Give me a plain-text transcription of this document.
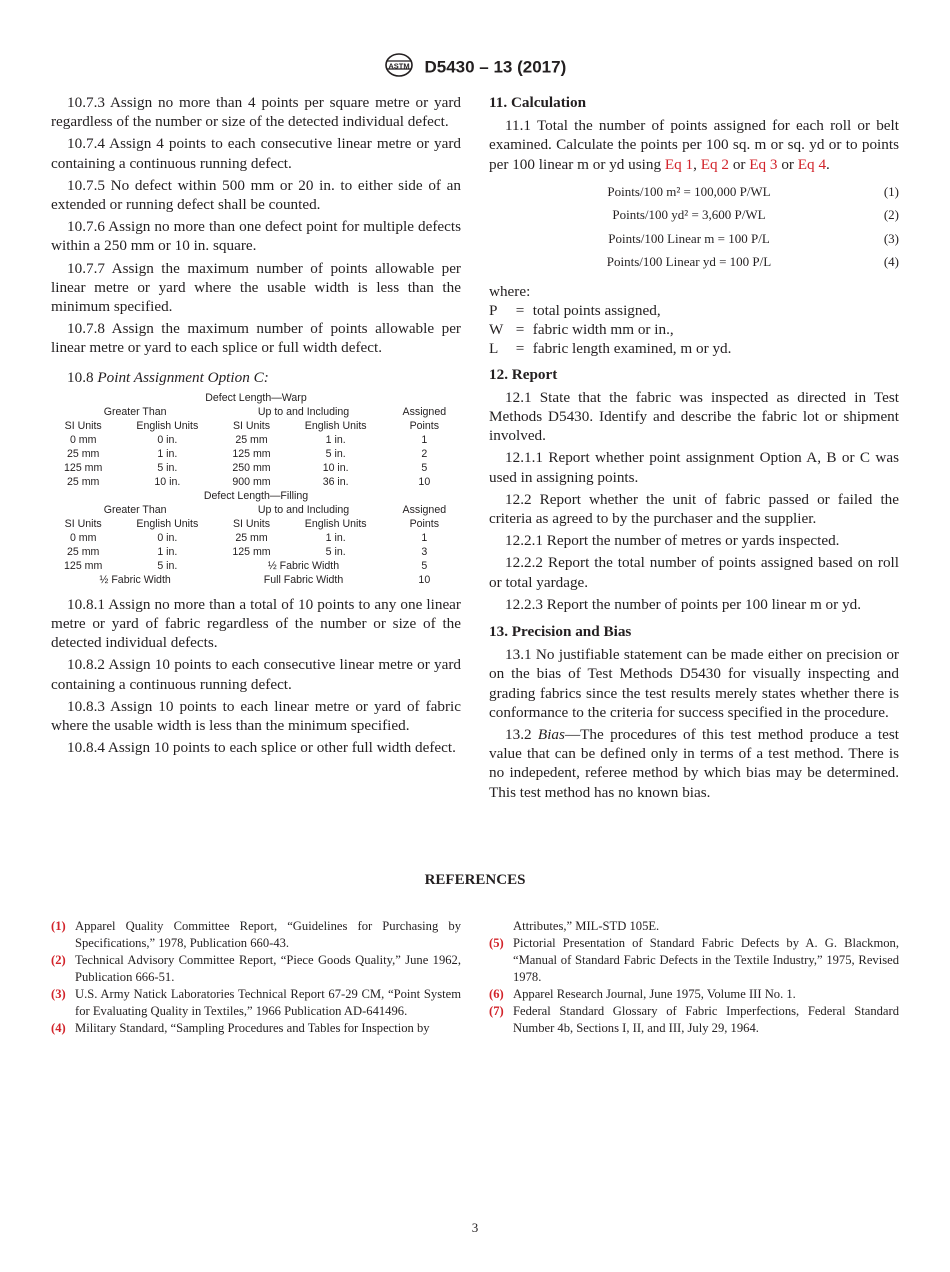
ASTM D5430 – 13 (2017)

10.7.3 Assign no more than 4 points per square metre or yard regardless of the number or size of the detected individual defect.

10.7.4 Assign 4 points to each consecutive linear metre or yard containing a continuous running defect.

10.7.5 No defect within 500 mm or 20 in. to either side of an extended or running defect shall be counted.

10.7.6 Assign no more than one defect point for multiple defects within a 250 mm or 10 in. square.

10.7.7 Assign the maximum number of points allowable per linear metre or yard where the usable width is less than the minimum specified.

10.7.8 Assign the maximum number of points allowable per linear metre or yard to each splice or full width defect.

10.8 Point Assignment Option C:

Defect Length—Warp				
Greater Than		Up to and Including		Assigned
SI Units	English Units	SI Units	English Units	Points
0 mm	0 in.	25 mm	1 in.	1
25 mm	1 in.	125 mm	5 in.	2
125 mm	5 in.	250 mm	10 in.	5
25 mm	10 in.	900 mm	36 in.	10
Defect Length—Filling				
Greater Than		Up to and Including		Assigned
SI Units	English Units	SI Units	English Units	Points
0 mm	0 in.	25 mm	1 in.	1
25 mm	1 in.	125 mm	5 in.	3
125 mm	5 in.	½ Fabric Width		5
½ Fabric Width		Full Fabric Width		10

10.8.1 Assign no more than a total of 10 points to any one linear metre or yard of fabric regardless of the number or size of the detected individual defects.

10.8.2 Assign 10 points to each consecutive linear metre or yard containing a continuous running defect.

10.8.3 Assign 10 points to each linear metre or yard of fabric where the usable width is less than the minimum specified.

10.8.4 Assign 10 points to each splice or other full width defect.

11. Calculation

11.1 Total the number of points assigned for each roll or belt examined. Calculate the points per 100 sq. m or sq. yd or to points per 100 linear m or yd using Eq 1, Eq 2 or Eq 3 or Eq 4.

Points/100 m² = 100,000 P/WL	(1)
Points/100 yd² = 3,600 P/WL	(2)
Points/100 Linear m = 100 P/L	(3)
Points/100 Linear yd = 100 P/L	(4)

where:

P	=
total points assigned,
W =
fabric width mm or in.,
L	=
fabric length examined, m or yd.

12. Report

12.1 State that the fabric was inspected as directed in Test Methods D5430. Identify and describe the fabric lot or shipment involved.

12.1.1 Report whether point assignment Option A, B or C was used in assigning points.

12.2 Report whether the unit of fabric passed or failed the criteria as agreed to by the purchaser and the supplier.

12.2.1 Report the number of metres or yards inspected.

12.2.2 Report the total number of points assigned based on roll or total yardage.

12.2.3 Report the number of points per 100 linear m or yd.

13. Precision and Bias

13.1 No justifiable statement can be made either on precision or on the bias of Test Methods D5430 for visually inspecting and grading fabrics since the test results merely states whether there is conformance to the criteria for success specified in the procedure.

13.2 Bias—The procedures of this test method produce a test value that can be defined only in terms of a test method. There is no indepedent, referee method by which bias may be determined. This test method has no known bias.

REFERENCES
(1) Apparel Quality Committee Report, “Guidelines for Purchasing by Specifications,” 1978, Publication 660-43.
(2) Technical Advisory Committee Report, “Piece Goods Quality,” June 1962, Publication 666-51.
(3) U.S. Army Natick Laboratories Technical Report 67-29 CM, “Point System for Evaluating Quality in Textiles,” 1966 Publication AD-641496.
(4) Military Standard, “Sampling Procedures and Tables for Inspection by
Attributes,” MIL-STD 105E.
(5) Pictorial Presentation of Standard Fabric Defects by A. G. Blackmon, “Manual of Standard Fabric Defects in the Textile Industry,” 1975, Revised 1978.
(6) Apparel Research Journal, June 1975, Volume III No. 1.
(7) Federal Standard Glossary of Fabric Imperfections, Federal Standard Number 4b, Sections I, II, and III, July 29, 1964.
3
